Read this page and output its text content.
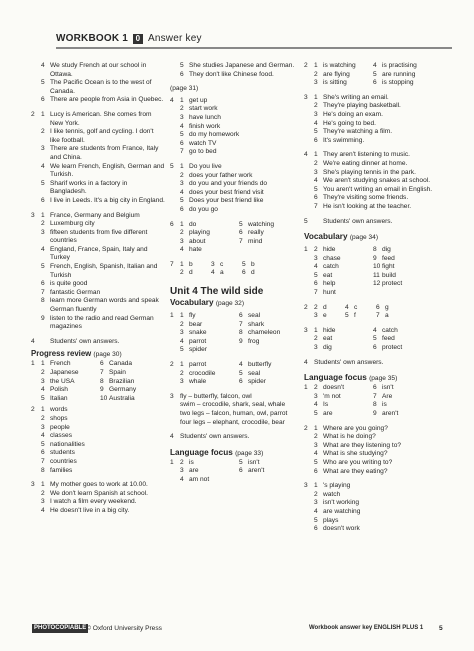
WORKBOOK 1 0 Answer key
4 We study French at our school in Ottawa.
5 The Pacific Ocean is to the west of Canada.
6 There are people from Asia in Quebec.
2 1 Lucy is American. She comes from New York.
2 I like tennis, golf and cycling. I don't like football.
3 There are students from France, Italy and China.
4 We learn French, English, German and Turkish.
5 Sharif works in a factory in Bangladesh.
6 I live in Leeds. It's a big city in England.
3 1 France, Germany and Belgium
2 Luxemburg city
3 fifteen students from five different countries
4 England, France, Spain, Italy and Turkey
5 French, English, Spanish, Italian and Turkish
6 is quite good
7 fantastic German
8 learn more German words and speak German fluently
9 listen to the radio and read German magazines
4	Students' own answers.
Progress review (page 30)
1 1 French	6 Canada
2 Japanese	7 Spain
3 the USA	8 Brazilian
4 Polish	9 Germany
5 Italian	10 Australia
2 1 words
2 shops
3 people
4 classes
5 nationalities
6 students
7 countries
8 families
3 1 My mother goes to work at 10.00.
2 We don't learn Spanish at school.
3 I watch a film every weekend.
4 He doesn't live in a big city.
5 She studies Japanese and German.
6 They don't like Chinese food.
(page 31)
4 1 get up
2 start work
3 have lunch
4 finish work
5 do my homework
6 watch TV
7 go to bed
5 1 Do you live
2 does your father work
3 do you and your friends do
4 does your best friend visit
5 Does your best friend like
6 do you go
6 1 do	5 watching
2 playing	6 really
3 about	7 mind
4 hate
7 1 b	3 c	5 b
2 d	4 a	6 d
Unit 4 The wild side
Vocabulary (page 32)
1 1 fly	6 seal
2 bear	7 shark
3 snake	8 chameleon
4 parrot	9 frog
5 spider
2 1 parrot	4 butterfly
2 crocodile	5 seal
3 whale	6 spider
3 fly – butterfly, falcon, owl
swim – crocodile, shark, seal, whale
two legs – falcon, human, owl, parrot
four legs – elephant, crocodile, bear
4 Students' own answers.
Language focus (page 33)
1 2 is	5 isn't
3 are	6 aren't
4 am not
2 1 is watching	4 is practising
2 are flying	5 are running
3 is sitting	6 is stopping
3 1 She's writing an email.
2 They're playing basketball.
3 He's doing an exam.
4 He's going to bed.
5 They're watching a film.
6 It's swimming.
4 1 They aren't listening to music.
2 We're eating dinner at home.
3 She's playing tennis in the park.
4 We aren't studying snakes at school.
5 You aren't writing an email in English.
6 They're visiting some friends.
7 He isn't looking at the teacher.
5	Students' own answers.
Vocabulary (page 34)
1 2 hide	8 dig
3 chase	9 feed
4 catch	10 fight
5 eat	11 build
6 help	12 protect
7 hunt
2 2 d	4 c	6 g
3 e	5 f	7 a
3 1 hide	4 catch
2 eat	5 feed
3 dig	6 protect
4 Students' own answers.
Language focus (page 35)
1 2 doesn't	6 isn't
3 'm not	7 Are
4 Is	8 is
5 are	9 aren't
2 1 Where are you going?
2 What is he doing?
3 What are they listening to?
4 What is she studying?
5 Who are you writing to?
6 What are they eating?
3 1 's playing
2 watch
3 isn't working
4 are watching
5 plays
6 doesn't work
PHOTOCOPIABLE © Oxford University Press	Workbook answer key ENGLISH PLUS 1 5
